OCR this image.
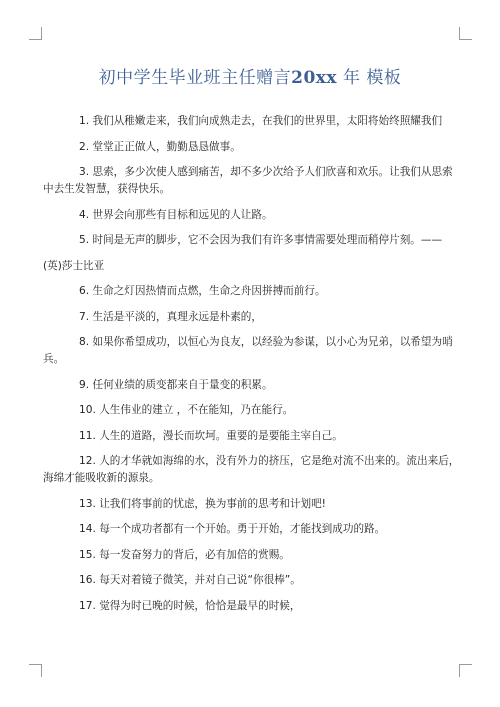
初中学生毕业班主任赠言20xx 年 模板

1. 我们从稚嫩走来，我们向成熟走去，在我们的世界里，太阳将始终照耀我们

2. 堂堂正正做人，勤勤恳恳做事。

3. 思索，多少次使人感到痛苦，却不多少次给予人们欣喜和欢乐。让我们从思索

中去生发智慧，获得快乐。

4. 世界会向那些有目标和远见的人让路。

5. 时间是无声的脚步，它不会因为我们有许多事情需要处理而稍停片刻。——

(英)莎士比亚

6. 生命之灯因热情而点燃，生命之舟因拼搏而前行。

7. 生活是平淡的，真理永远是朴素的，

8. 如果你希望成功，以恒心为良友，以经验为参谋，以小心为兄弟，以希望为哨

兵。

9. 任何业绩的质变都来自于量变的积累。

10. 人生伟业的建立 ，不在能知，乃在能行。

11. 人生的道路，漫长而坎坷。重要的是要能主宰自己。

12. 人的才华就如海绵的水，没有外力的挤压，它是绝对流不出来的。流出来后，

海绵才能吸收新的源泉。

13. 让我们将事前的忧虑，换为事前的思考和计划吧!

14. 每一个成功者都有一个开始。勇于开始，才能找到成功的路。

15. 每一发奋努力的背后，必有加倍的赏赐。

16. 每天对着镜子微笑，并对自己说“你很棒”。

17. 觉得为时已晚的时候，恰恰是最早的时候，
